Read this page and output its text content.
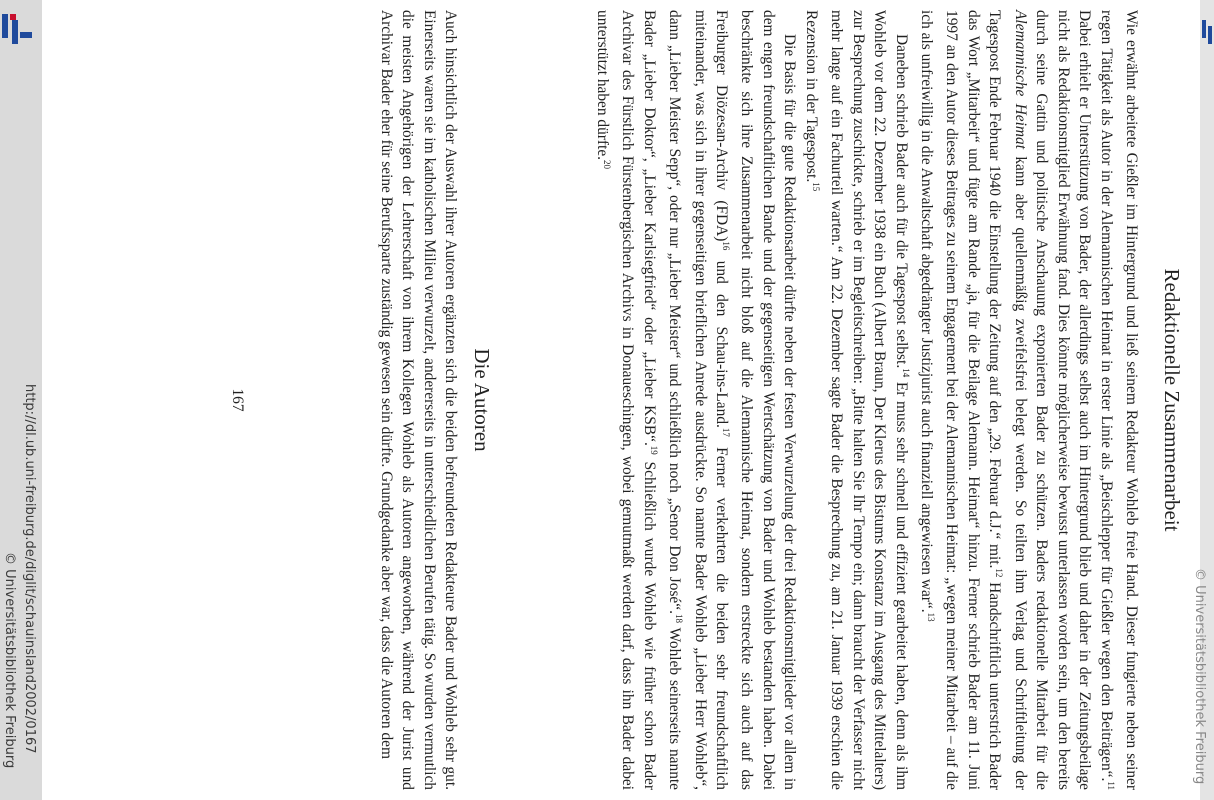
Redaktionelle Zusammenarbeit

Wie erwähnt arbeitete Gießler im Hintergrund und ließ seinem Redakteur Wohleb freie Hand. Dieser fungierte neben seiner regen Tätigkeit als Autor in der Alemannischen Heimat in erster Linie als „Beischlepper für Gießler wegen den Beiträgen“.$^{11}$ Dabei erhielt er Unterstützung von Bader, der allerdings selbst auch im Hintergrund blieb und daher in der Zeitungsbeilage nicht als Redaktionsmitglied Erwähnung fand. Dies könnte möglicherweise bewusst unterlassen worden sein, um den bereits durch seine Gattin und politische Anschauung exponierten Bader zu schützen. Baders redaktionelle Mitarbeit für die Alemannische Heimat kann aber quellenmäßig zweifelsfrei belegt werden. So teilten ihm Verlag und Schriftleitung der Tagespost Ende Februar 1940 die Einstellung der Zeitung auf den „29. Februar d.J.“ mit.$^{12}$ Handschriftlich unterstrich Bader das Wort „Mitarbeit“ und fügte am Rande „ja, für die Beilage Alemann. Heimat“ hinzu. Ferner schrieb Bader am 11. Juni 1997 an den Autor dieses Beitrages zu seinem Engagement bei der Alemannischen Heimat: „wegen meiner Mitarbeit – auf die ich als unfreiwillig in die Anwaltschaft abgedrängter Justizjurist auch finanziell angewiesen war“.$^{13}$

Daneben schrieb Bader auch für die Tagespost selbst.$^{14}$ Er muss sehr schnell und effizient gearbeitet haben, denn als ihm Wohleb vor dem 22. Dezember 1938 ein Buch (Albert Braun, Der Klerus des Bistums Konstanz im Ausgang des Mittelalters) zur Besprechung zuschickte, schrieb er im Begleitschreiben: „Bitte halten Sie Ihr Tempo ein; dann braucht der Verfasser nicht mehr lange auf ein Fachurteil warten.“ Am 22. Dezember sagte Bader die Besprechung zu, am 21. Januar 1939 erschien die Rezension in der Tagespost.$^{15}$

Die Basis für die gute Redaktionsarbeit dürfte neben der festen Verwurzelung der drei Redaktionsmitglieder vor allem in dem engen freundschaftlichen Bande und der gegenseitigen Wertschätzung von Bader und Wohleb bestanden haben. Dabei beschränkte sich ihre Zusammenarbeit nicht bloß auf die Alemannische Heimat, sondern erstreckte sich auch auf das Freiburger Diözesan-Archiv (FDA)$^{16}$ und den Schau-ins-Land.$^{17}$ Ferner verkehrten die beiden sehr freundschaftlich miteinander, was sich in ihrer gegenseitigen brieflichen Anrede ausdrückte. So nannte Bader Wohleb „Lieber Herr Wohleb“, dann „Lieber Meister Sepp“, oder nur „Lieber Meister“ und schließlich noch „Senor Don José“.$^{18}$ Wohleb seinerseits nannte Bader „Lieber Doktor“, „Lieber Karlsiegfried“ oder „Lieber KSB“.$^{19}$ Schließlich wurde Wohleb wie früher schon Bader Archivar des Fürstlich Fürstenbergischen Archivs in Donaueschingen, wobei gemutmaßt werden darf, dass ihn Bader dabei unterstützt haben dürfte.$^{20}$

Die Autoren

Auch hinsichtlich der Auswahl ihrer Autoren ergänzten sich die beiden befreundeten Redakteure Bader und Wohleb sehr gut. Einerseits waren sie im katholischen Milieu verwurzelt, andererseits in unterschiedlichen Berufen tätig. So wurden vermutlich die meisten Angehörigen der Lehrerschaft von ihrem Kollegen Wohleb als Autoren angeworben, während der Jurist und Archivar Bader eher für seine Berufssparte zuständig gewesen sein dürfte. Grundgedanke aber war, dass die Autoren dem

167
http://dl.ub.uni-freiburg.de/diglit/schauinsland2002/0167
© Universitätsbibliothek Freiburg	© Universitätsbibliothek Freiburg
